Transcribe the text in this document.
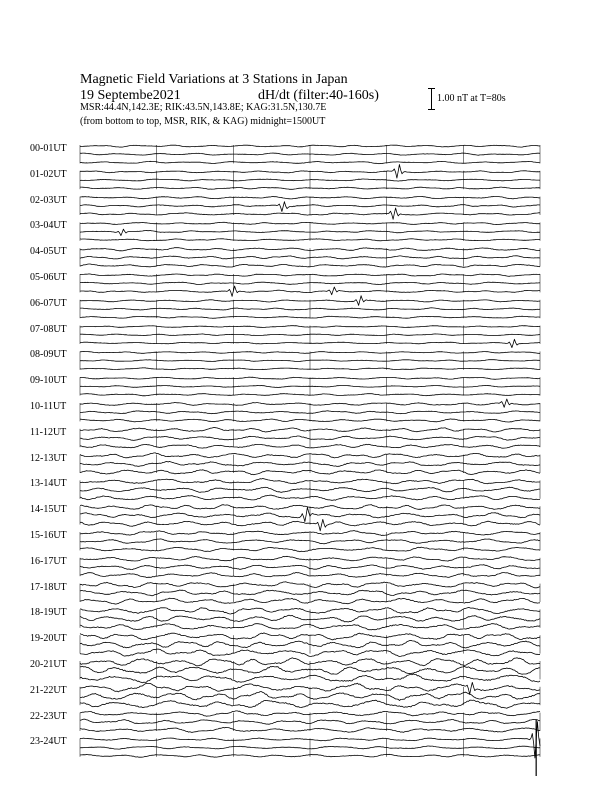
Magnetic Field Variations at 3 Stations in Japan
19 Septembe2021	dH/dt (filter:40-160s)
MSR:44.4N,142.3E; RIK:43.5N,143.8E; KAG:31.5N,130.7E
(from bottom to top, MSR, RIK, & KAG) midnight=1500UT
1.00 nT at T=80s
00-01UT
01-02UT
02-03UT
03-04UT
04-05UT
05-06UT
06-07UT
07-08UT
08-09UT
09-10UT
10-11UT
11-12UT
12-13UT
13-14UT
14-15UT
15-16UT
16-17UT
17-18UT
18-19UT
19-20UT
20-21UT
21-22UT
22-23UT
23-24UT
